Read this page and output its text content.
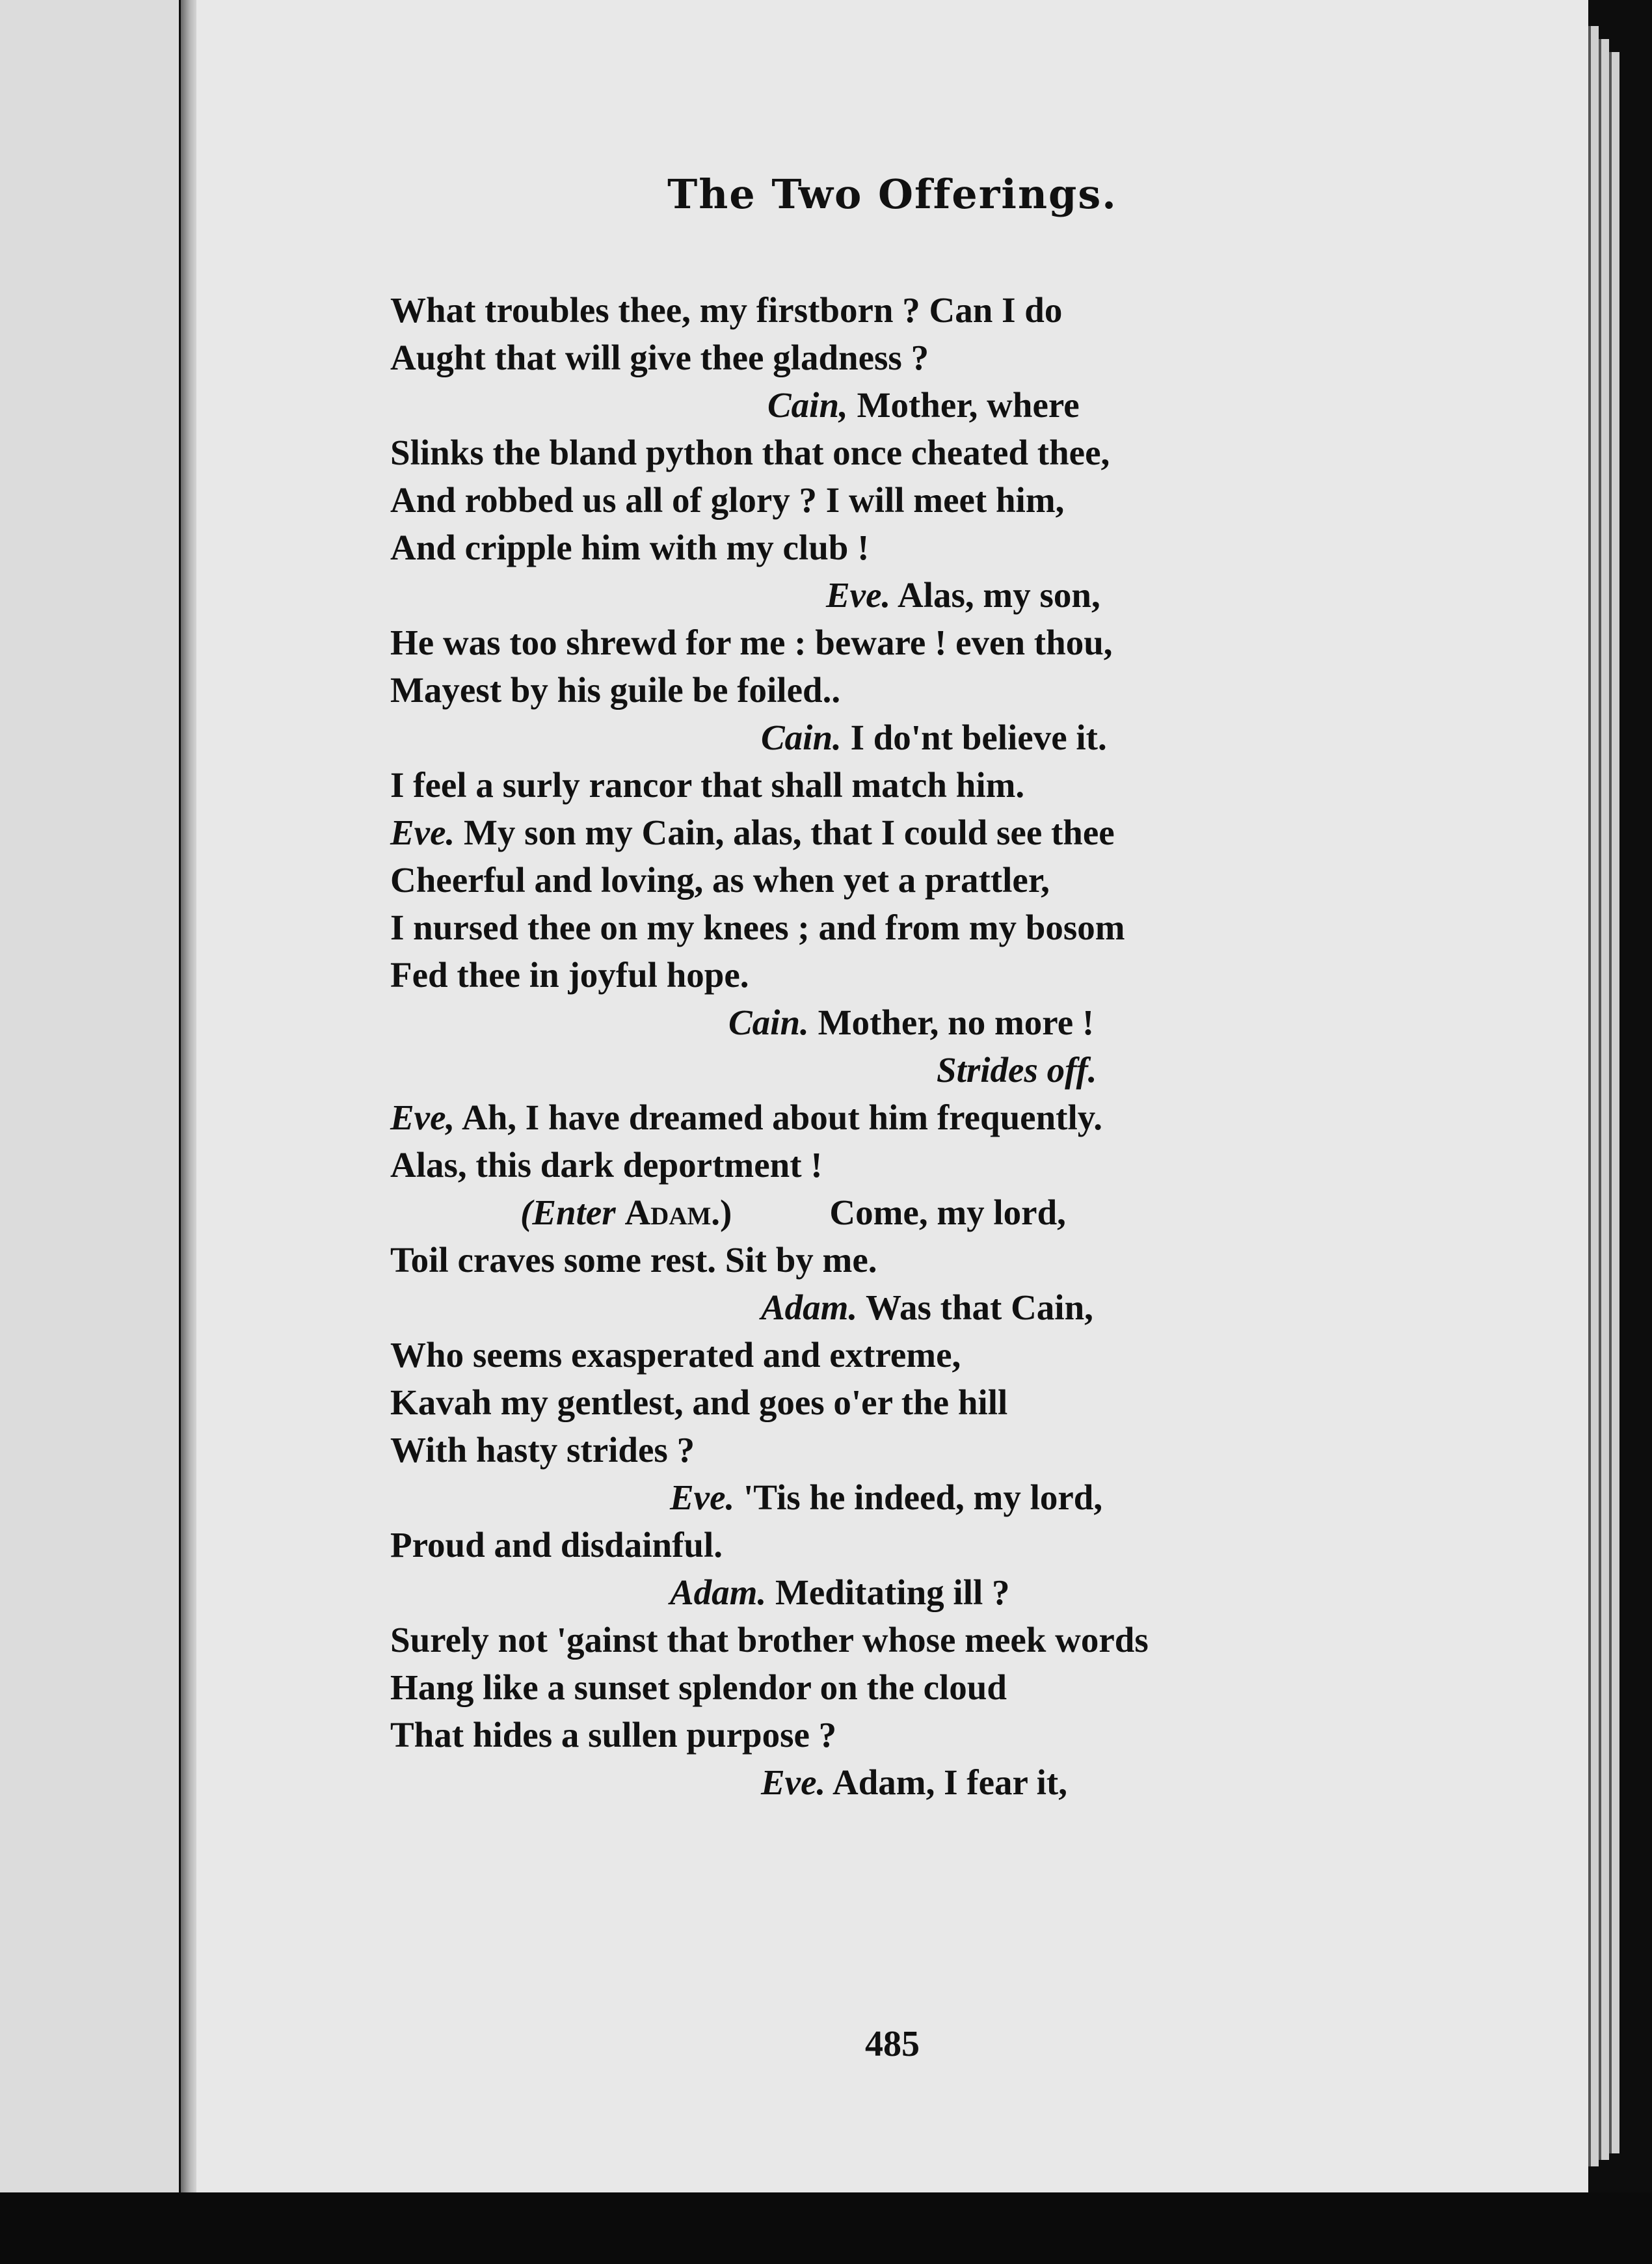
The Two Offerings.
What troubles thee, my firstborn ? Can I do
Aught that will give thee gladness ?
Cain, Mother, where
Slinks the bland python that once cheated thee,
And robbed us all of glory ? I will meet him,
And cripple him with my club !
Eve. Alas, my son,
He was too shrewd for me : beware ! even thou,
Mayest by his guile be foiled..
Cain. I do'nt believe it.
I feel a surly rancor that shall match him.
Eve. My son my Cain, alas, that I could see thee
Cheerful and loving, as when yet a prattler,
I nursed thee on my knees ; and from my bosom
Fed thee in joyful hope.
Cain. Mother, no more !
Strides off.
Eve, Ah, I have dreamed about him frequently.
Alas, this dark deportment !
(Enter Adam.)	Come, my lord,
Toil craves some rest. Sit by me.
Adam. Was that Cain,
Who seems exasperated and extreme,
Kavah my gentlest, and goes o'er the hill
With hasty strides ?
Eve. 'Tis he indeed, my lord,
Proud and disdainful.
Adam. Meditating ill ?
Surely not 'gainst that brother whose meek words
Hang like a sunset splendor on the cloud
That hides a sullen purpose ?
Eve. Adam, I fear it,
485
